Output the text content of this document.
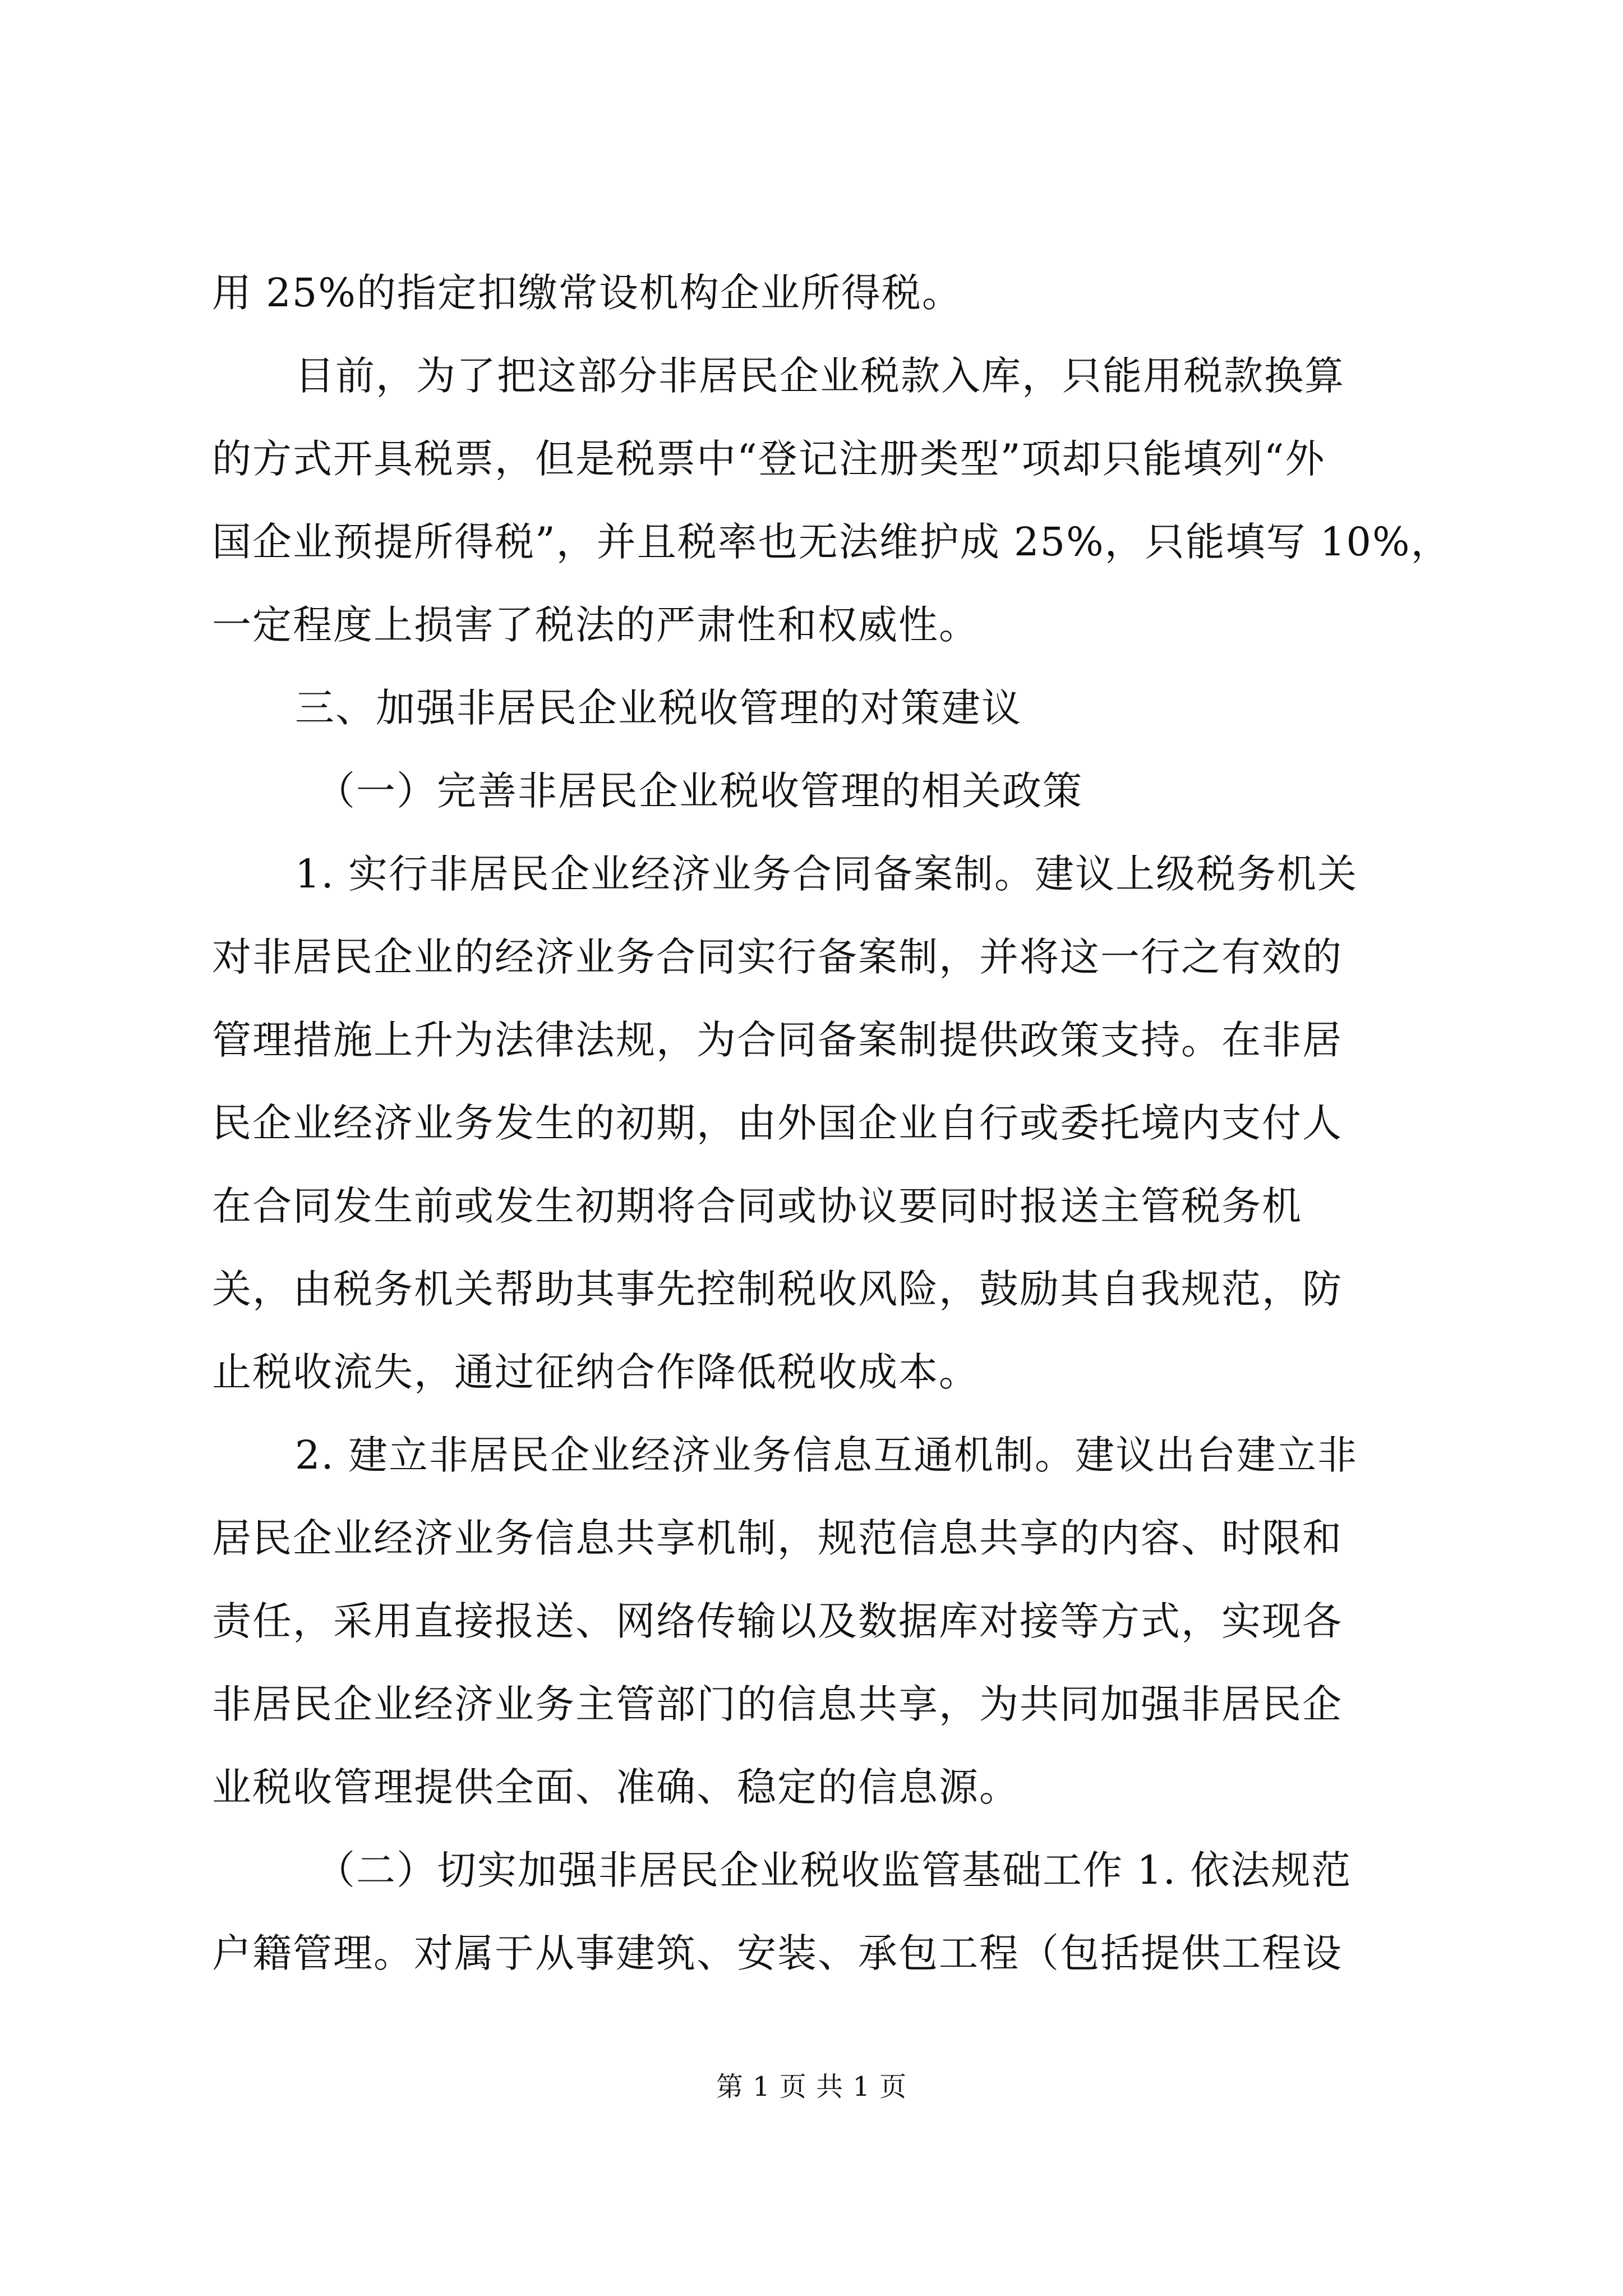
用 25%的指定扣缴常设机构企业所得税。
目前，为了把这部分非居民企业税款入库，只能用税款换算
的方式开具税票，但是税票中“登记注册类型”项却只能填列“外
国企业预提所得税”，并且税率也无法维护成 25%，只能填写 10%，
一定程度上损害了税法的严肃性和权威性。
三、加强非居民企业税收管理的对策建议
（一）完善非居民企业税收管理的相关政策
1. 实行非居民企业经济业务合同备案制。建议上级税务机关
对非居民企业的经济业务合同实行备案制，并将这一行之有效的
管理措施上升为法律法规，为合同备案制提供政策支持。在非居
民企业经济业务发生的初期，由外国企业自行或委托境内支付人
在合同发生前或发生初期将合同或协议要同时报送主管税务机
关，由税务机关帮助其事先控制税收风险，鼓励其自我规范，防
止税收流失，通过征纳合作降低税收成本。
2. 建立非居民企业经济业务信息互通机制。建议出台建立非
居民企业经济业务信息共享机制，规范信息共享的内容、时限和
责任，采用直接报送、网络传输以及数据库对接等方式，实现各
非居民企业经济业务主管部门的信息共享，为共同加强非居民企
业税收管理提供全面、准确、稳定的信息源。
（二）切实加强非居民企业税收监管基础工作 1. 依法规范
户籍管理。对属于从事建筑、安装、承包工程（包括提供工程设
第 1 页 共 1 页
